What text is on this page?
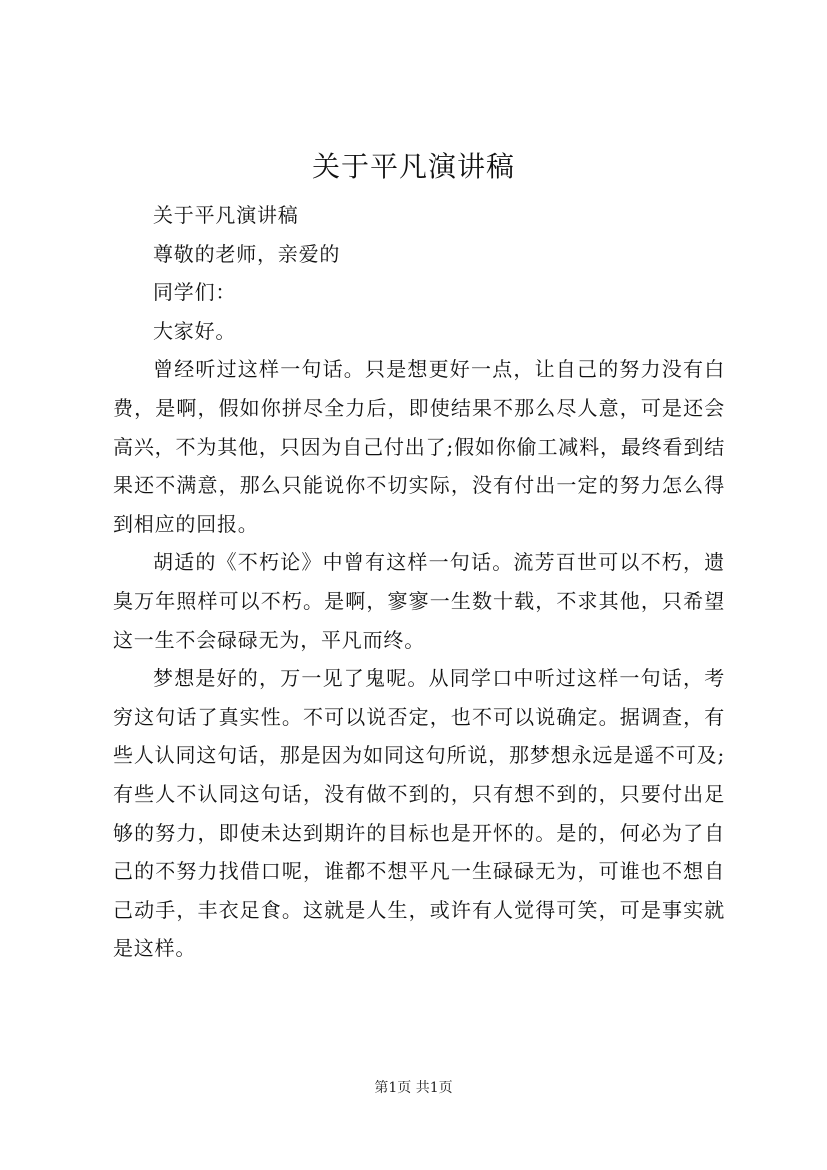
关于平凡演讲稿

关于平凡演讲稿

尊敬的老师，亲爱的

同学们：

大家好。

曾经听过这样一句话。只是想更好一点，让自己的努力没有白费，是啊，假如你拼尽全力后，即使结果不那么尽人意，可是还会高兴，不为其他，只因为自己付出了;假如你偷工减料，最终看到结果还不满意，那么只能说你不切实际，没有付出一定的努力怎么得到相应的回报。

胡适的《不朽论》中曾有这样一句话。流芳百世可以不朽，遗臭万年照样可以不朽。是啊，寥寥一生数十载，不求其他，只希望这一生不会碌碌无为，平凡而终。

梦想是好的，万一见了鬼呢。从同学口中听过这样一句话，考穷这句话了真实性。不可以说否定，也不可以说确定。据调查，有些人认同这句话，那是因为如同这句所说，那梦想永远是遥不可及;有些人不认同这句话，没有做不到的，只有想不到的，只要付出足够的努力，即使未达到期许的目标也是开怀的。是的，何必为了自己的不努力找借口呢，谁都不想平凡一生碌碌无为，可谁也不想自己动手，丰衣足食。这就是人生，或许有人觉得可笑，可是事实就是这样。

第1页 共1页
